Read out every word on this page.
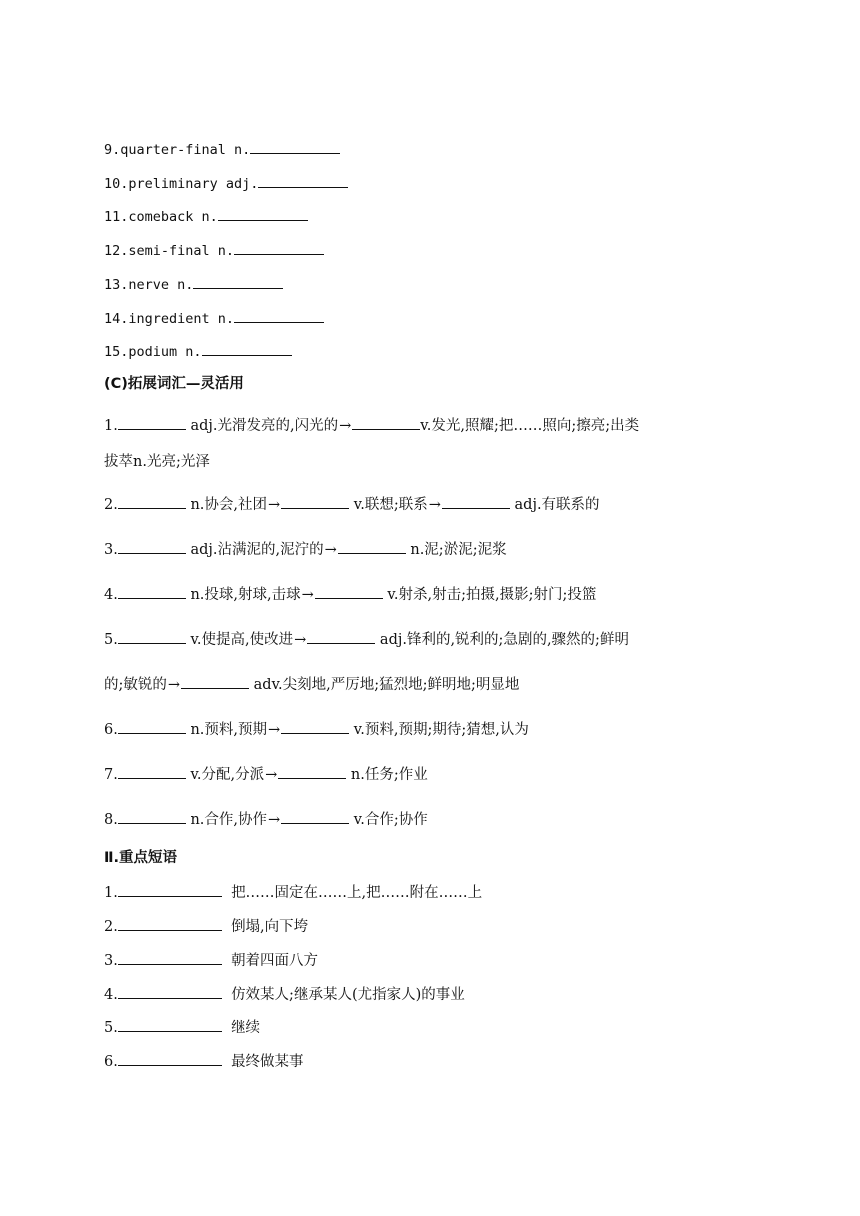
9.quarter-final n.
10.preliminary adj.
11.comeback n.
12.semi-final n.
13.nerve n.
14.ingredient n.
15.podium n.
(C)拓展词汇—灵活用
1.	adj.光滑发亮的,闪光的→	v.发光,照耀;把……照向;擦亮;出类
拔萃n.光亮;光泽
2.	n.协会,社团→	v.联想;联系→	adj.有联系的
3.	adj.沾满泥的,泥泞的→	n.泥;淤泥;泥浆
4.	n.投球,射球,击球→	v.射杀,射击;拍摄,摄影;射门;投篮
5.	v.使提高,使改进→	adj.锋利的,锐利的;急剧的,骤然的;鲜明
的;敏锐的→	adv.尖刻地,严厉地;猛烈地;鲜明地;明显地
6.	n.预料,预期→	v.预料,预期;期待;猜想,认为
7.	v.分配,分派→	n.任务;作业
8.	n.合作,协作→	v.合作;协作
Ⅱ.重点短语
1.	把……固定在……上,把……附在……上
2.	倒塌,向下垮
3.	朝着四面八方
4.	仿效某人;继承某人(尤指家人)的事业
5.	继续
6.	最终做某事
